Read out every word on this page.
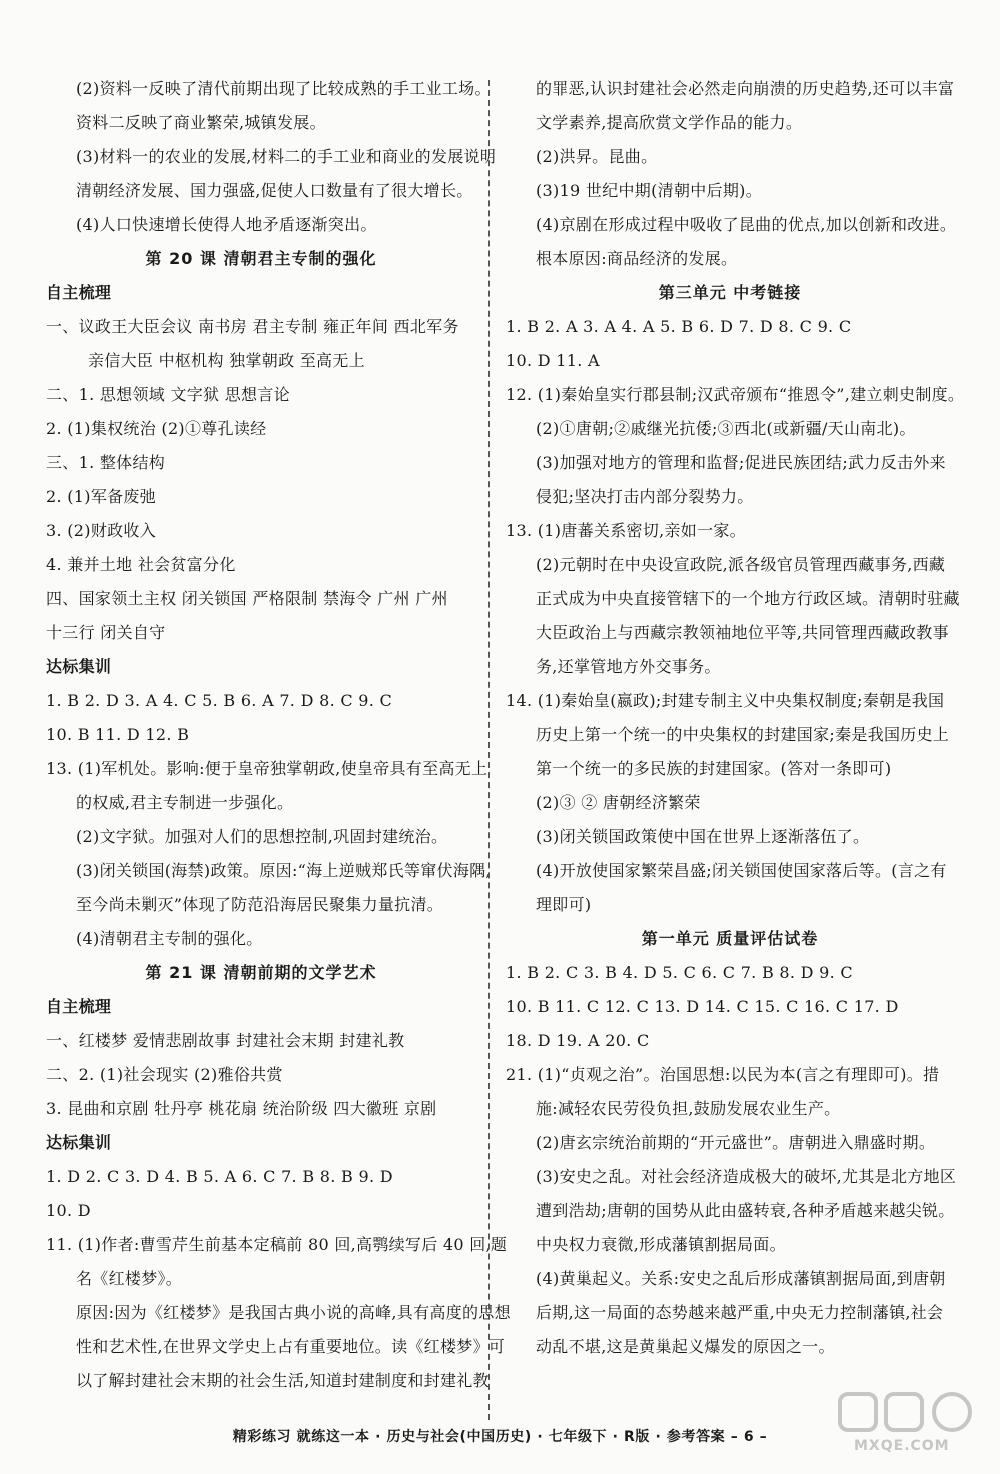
(2)资料一反映了清代前期出现了比较成熟的手工业工场。
资料二反映了商业繁荣,城镇发展。
(3)材料一的农业的发展,材料二的手工业和商业的发展说明
清朝经济发展、国力强盛,促使人口数量有了很大增长。
(4)人口快速增长使得人地矛盾逐渐突出。
第 20 课 清朝君主专制的强化
自主梳理
一、议政王大臣会议 南书房 君主专制 雍正年间 西北军务
亲信大臣 中枢机构 独掌朝政 至高无上
二、1. 思想领域 文字狱 思想言论
2. (1)集权统治 (2)①尊孔读经
三、1. 整体结构
2. (1)军备废弛
3. (2)财政收入
4. 兼并土地 社会贫富分化
四、国家领土主权 闭关锁国 严格限制 禁海令 广州 广州
十三行 闭关自守
达标集训
1. B 2. D 3. A 4. C 5. B 6. A 7. D 8. C 9. C
10. B 11. D 12. B
13. (1)军机处。影响:便于皇帝独掌朝政,使皇帝具有至高无上
的权威,君主专制进一步强化。
(2)文字狱。加强对人们的思想控制,巩固封建统治。
(3)闭关锁国(海禁)政策。原因:“海上逆贼郑氏等窜伏海隅,
至今尚未剿灭”体现了防范沿海居民聚集力量抗清。
(4)清朝君主专制的强化。
第 21 课 清朝前期的文学艺术
自主梳理
一、红楼梦 爱情悲剧故事 封建社会末期 封建礼教
二、2. (1)社会现实 (2)雅俗共赏
3. 昆曲和京剧 牡丹亭 桃花扇 统治阶级 四大徽班 京剧
达标集训
1. D 2. C 3. D 4. B 5. A 6. C 7. B 8. B 9. D
10. D
11. (1)作者:曹雪芹生前基本定稿前 80 回,高鹗续写后 40 回,题
名《红楼梦》。
原因:因为《红楼梦》是我国古典小说的高峰,具有高度的思想
性和艺术性,在世界文学史上占有重要地位。读《红楼梦》可
以了解封建社会末期的社会生活,知道封建制度和封建礼教
的罪恶,认识封建社会必然走向崩溃的历史趋势,还可以丰富
文学素养,提高欣赏文学作品的能力。
(2)洪昇。昆曲。
(3)19 世纪中期(清朝中后期)。
(4)京剧在形成过程中吸收了昆曲的优点,加以创新和改进。
根本原因:商品经济的发展。
第三单元 中考链接
1. B 2. A 3. A 4. A 5. B 6. D 7. D 8. C 9. C
10. D 11. A
12. (1)秦始皇实行郡县制;汉武帝颁布“推恩令”,建立刺史制度。
(2)①唐朝;②戚继光抗倭;③西北(或新疆/天山南北)。
(3)加强对地方的管理和监督;促进民族团结;武力反击外来
侵犯;坚决打击内部分裂势力。
13. (1)唐蕃关系密切,亲如一家。
(2)元朝时在中央设宣政院,派各级官员管理西藏事务,西藏
正式成为中央直接管辖下的一个地方行政区域。清朝时驻藏
大臣政治上与西藏宗教领袖地位平等,共同管理西藏政教事
务,还掌管地方外交事务。
14. (1)秦始皇(嬴政);封建专制主义中央集权制度;秦朝是我国
历史上第一个统一的中央集权的封建国家;秦是我国历史上
第一个统一的多民族的封建国家。(答对一条即可)
(2)③ ② 唐朝经济繁荣
(3)闭关锁国政策使中国在世界上逐渐落伍了。
(4)开放使国家繁荣昌盛;闭关锁国使国家落后等。(言之有
理即可)
第一单元 质量评估试卷
1. B 2. C 3. B 4. D 5. C 6. C 7. B 8. D 9. C
10. B 11. C 12. C 13. D 14. C 15. C 16. C 17. D
18. D 19. A 20. C
21. (1)“贞观之治”。治国思想:以民为本(言之有理即可)。措
施:减轻农民劳役负担,鼓励发展农业生产。
(2)唐玄宗统治前期的“开元盛世”。唐朝进入鼎盛时期。
(3)安史之乱。对社会经济造成极大的破坏,尤其是北方地区
遭到浩劫;唐朝的国势从此由盛转衰,各种矛盾越来越尖锐。
中央权力衰微,形成藩镇割据局面。
(4)黄巢起义。关系:安史之乱后形成藩镇割据局面,到唐朝
后期,这一局面的态势越来越严重,中央无力控制藩镇,社会
动乱不堪,这是黄巢起义爆发的原因之一。
精彩练习 就练这一本 · 历史与社会(中国历史) · 七年级下 · R版 · 参考答案 – 6 –
MXQE.COM
